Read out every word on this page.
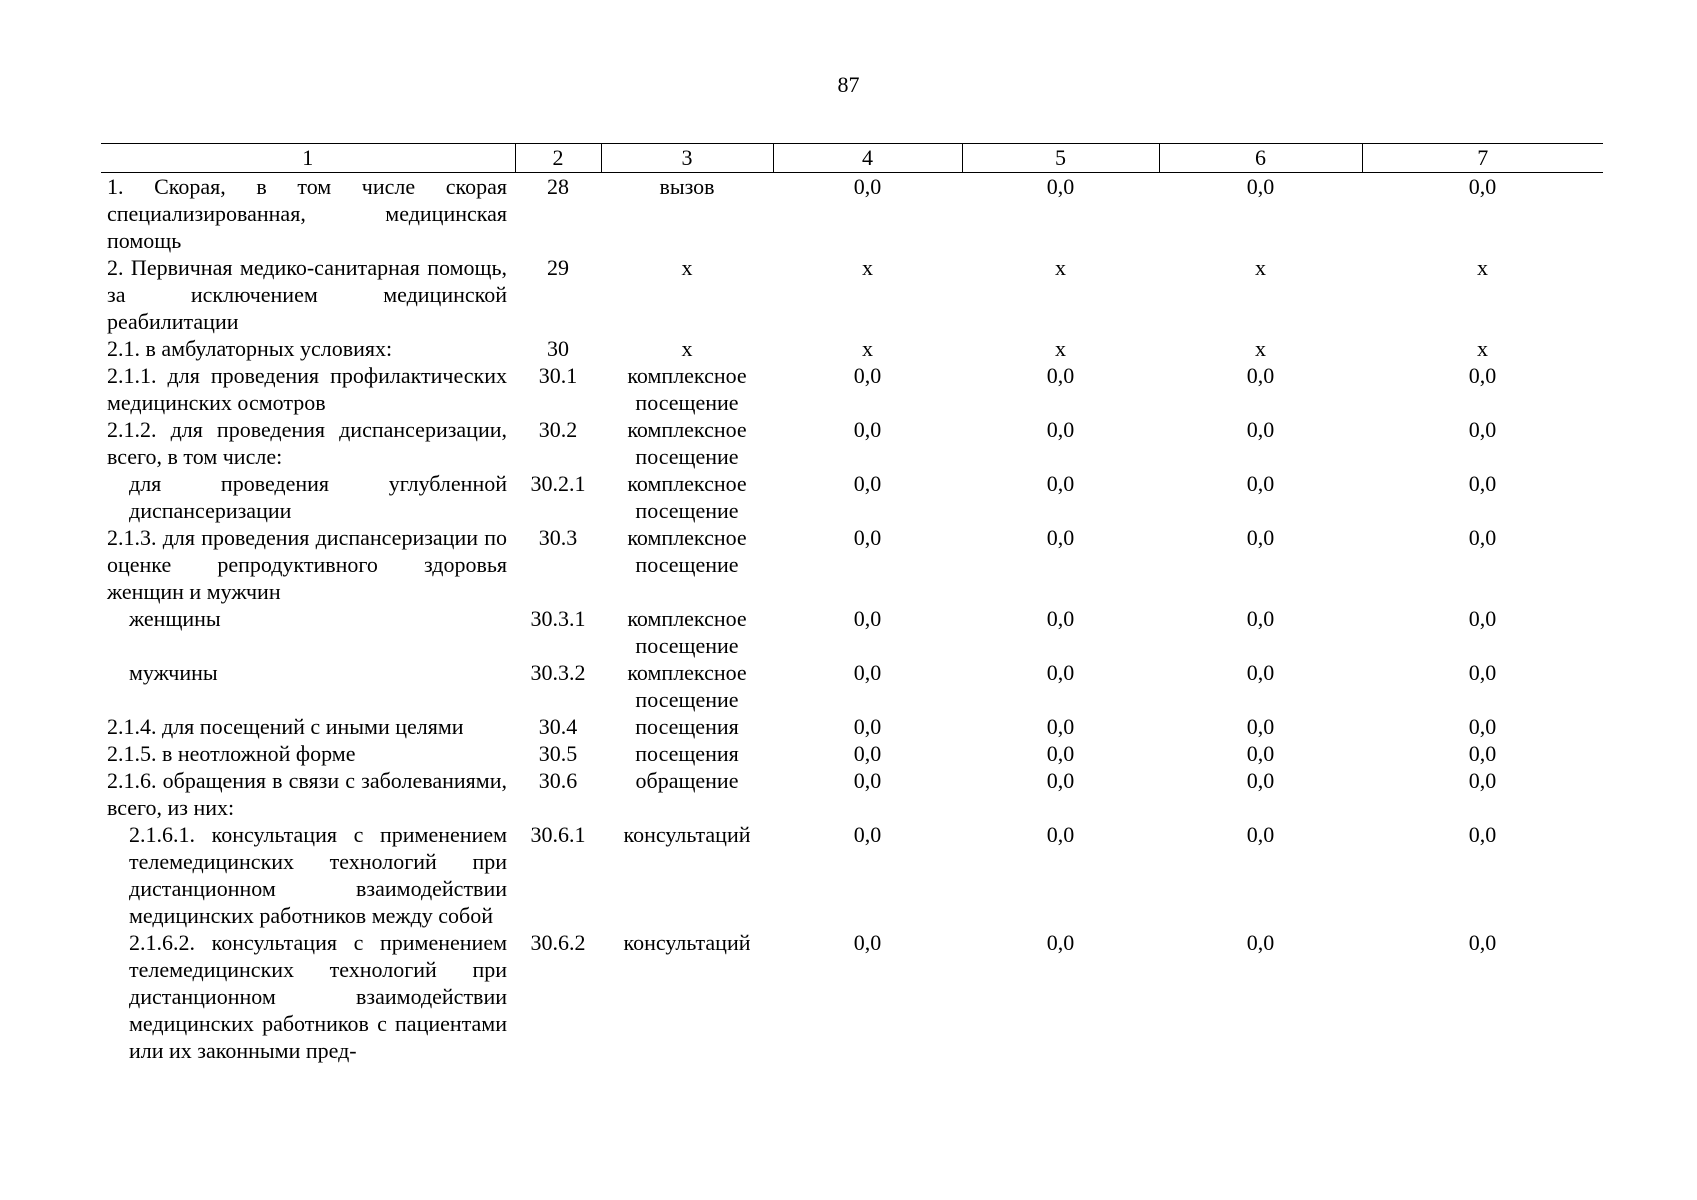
87
1	2	3	4	5	6	7
1. Скорая, в том числе скорая специализированная, медицинская помощь	28	вызов	0,0	0,0	0,0	0,0
2. Первичная медико-санитарная помощь, за исключением медицинской реабилитации	29	х	х	х	х	х
2.1. в амбулаторных условиях:	30	х	х	х	х	х
2.1.1. для проведения профилактических медицинских осмотров	30.1	комплексное посещение	0,0	0,0	0,0	0,0
2.1.2. для проведения диспансеризации, всего, в том числе:	30.2	комплексное посещение	0,0	0,0	0,0	0,0
для проведения углубленной диспансеризации	30.2.1	комплексное посещение	0,0	0,0	0,0	0,0
2.1.3. для проведения диспансеризации по оценке репродуктивного здоровья женщин и мужчин	30.3	комплексное посещение	0,0	0,0	0,0	0,0
женщины	30.3.1	комплексное посещение	0,0	0,0	0,0	0,0
мужчины	30.3.2	комплексное посещение	0,0	0,0	0,0	0,0
2.1.4. для посещений с иными целями	30.4	посещения	0,0	0,0	0,0	0,0
2.1.5. в неотложной форме	30.5	посещения	0,0	0,0	0,0	0,0
2.1.6. обращения в связи с заболеваниями, всего, из них:	30.6	обращение	0,0	0,0	0,0	0,0
2.1.6.1. консультация с применением телемедицинских технологий при дистанционном взаимодействии медицинских работников между собой	30.6.1	консультаций	0,0	0,0	0,0	0,0
2.1.6.2. консультация с применением телемедицинских технологий при дистанционном взаимодействии медицинских работников с пациентами или их законными пред-	30.6.2	консультаций	0,0	0,0	0,0	0,0
